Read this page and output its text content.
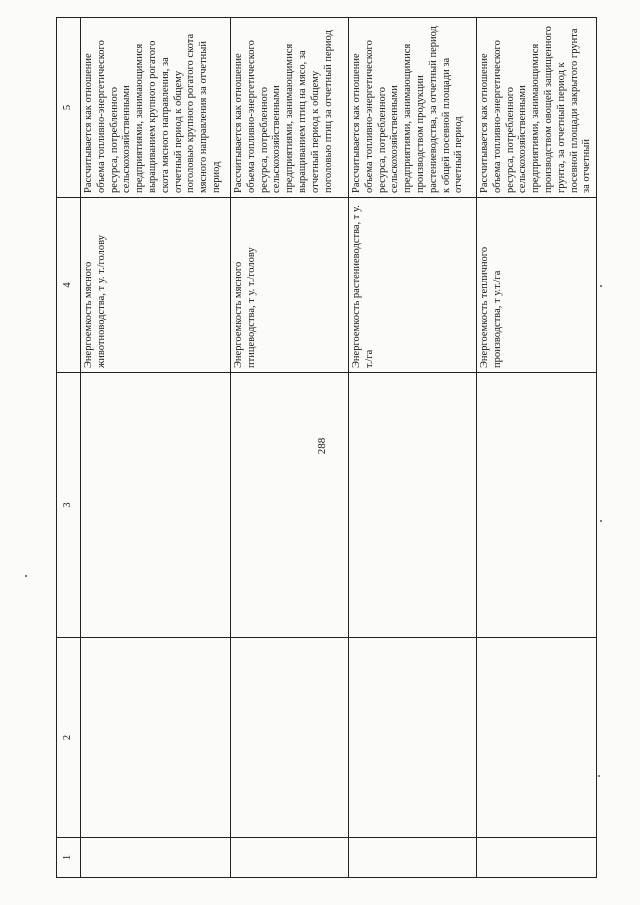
288
1	2	3	4	5
			Энергоемкость мясного животноводства, т у. т./голову	Рассчитывается как отношение объема топливно-энергетического ресурса, потребленного сельскохозяйственными предприятиями, занимающимися выращиванием крупного рогатого скота мясного направления, за отчетный период к общему поголовью крупного рогатого скота мясного направления за отчетный период
			Энергоемкость мясного птицеводства, т у. т./голову	Рассчитывается как отношение объема топливно-энергетического ресурса, потребленного сельскохозяйственными предприятиями, занимающимися выращиванием птиц на мясо, за отчетный период к общему поголовью птиц за отчетный период
			Энергоемкость растениеводства, т у. т./га	Рассчитывается как отношение объема топливно-энергетического ресурса, потребленного сельскохозяйственными предприятиями, занимающимися производством продукции растениеводства, за отчетный период к общей посевной площади за отчетный период
			Энергоемкость тепличного производства, т у.т./га	Рассчитывается как отношение объема топливно-энергетического ресурса, потребленного сельскохозяйственными предприятиями, занимающимися производством овощей защищенного грунта, за отчетный период к посевной площади закрытого грунта за отчетный
